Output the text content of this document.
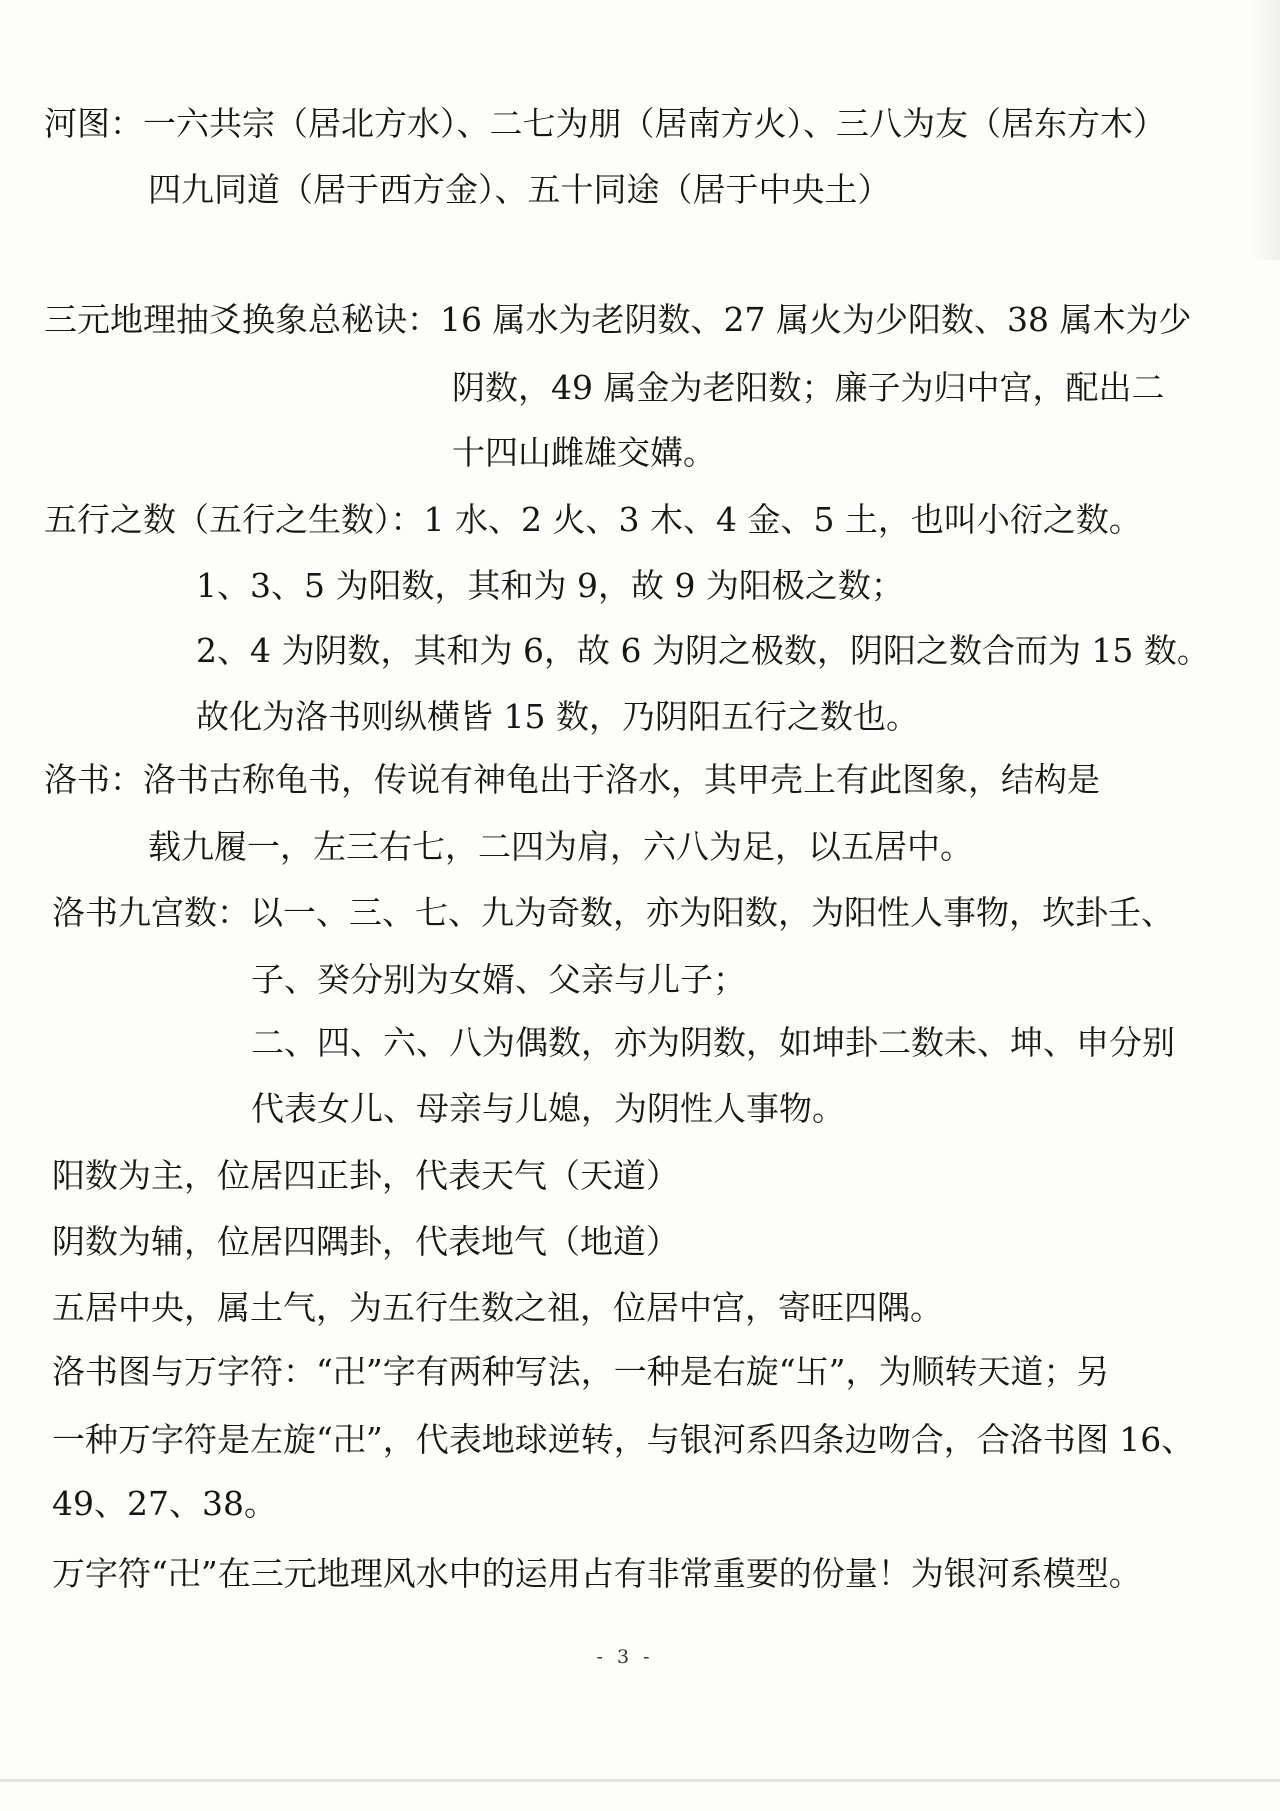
河图：一六共宗（居北方水）、二七为朋（居南方火）、三八为友（居东方木）
四九同道（居于西方金）、五十同途（居于中央土）
三元地理抽爻换象总秘诀：16 属水为老阴数、27 属火为少阳数、38 属木为少
阴数，49 属金为老阳数；廉子为归中宫，配出二
十四山雌雄交媾。
五行之数（五行之生数）：1 水、2 火、3 木、4 金、5 土，也叫小衍之数。
1、3、5 为阳数，其和为 9，故 9 为阳极之数；
2、4 为阴数，其和为 6，故 6 为阴之极数，阴阳之数合而为 15 数。
故化为洛书则纵横皆 15 数，乃阴阳五行之数也。
洛书：洛书古称龟书，传说有神龟出于洛水，其甲壳上有此图象，结构是
载九履一，左三右七，二四为肩，六八为足，以五居中。
洛书九宫数：以一、三、七、九为奇数，亦为阳数，为阳性人事物，坎卦壬、
子、癸分别为女婿、父亲与儿子；
二、四、六、八为偶数，亦为阴数，如坤卦二数未、坤、申分别
代表女儿、母亲与儿媳，为阴性人事物。
阳数为主，位居四正卦，代表天气（天道）
阴数为辅，位居四隅卦，代表地气（地道）
五居中央，属土气，为五行生数之祖，位居中宫，寄旺四隅。
洛书图与万字符：“卍”字有两种写法，一种是右旋“卐”，为顺转天道；另
一种万字符是左旋“卍”，代表地球逆转，与银河系四条边吻合，合洛书图 16、
49、27、38。
万字符“卍”在三元地理风水中的运用占有非常重要的份量！为银河系模型。
- 3 -
